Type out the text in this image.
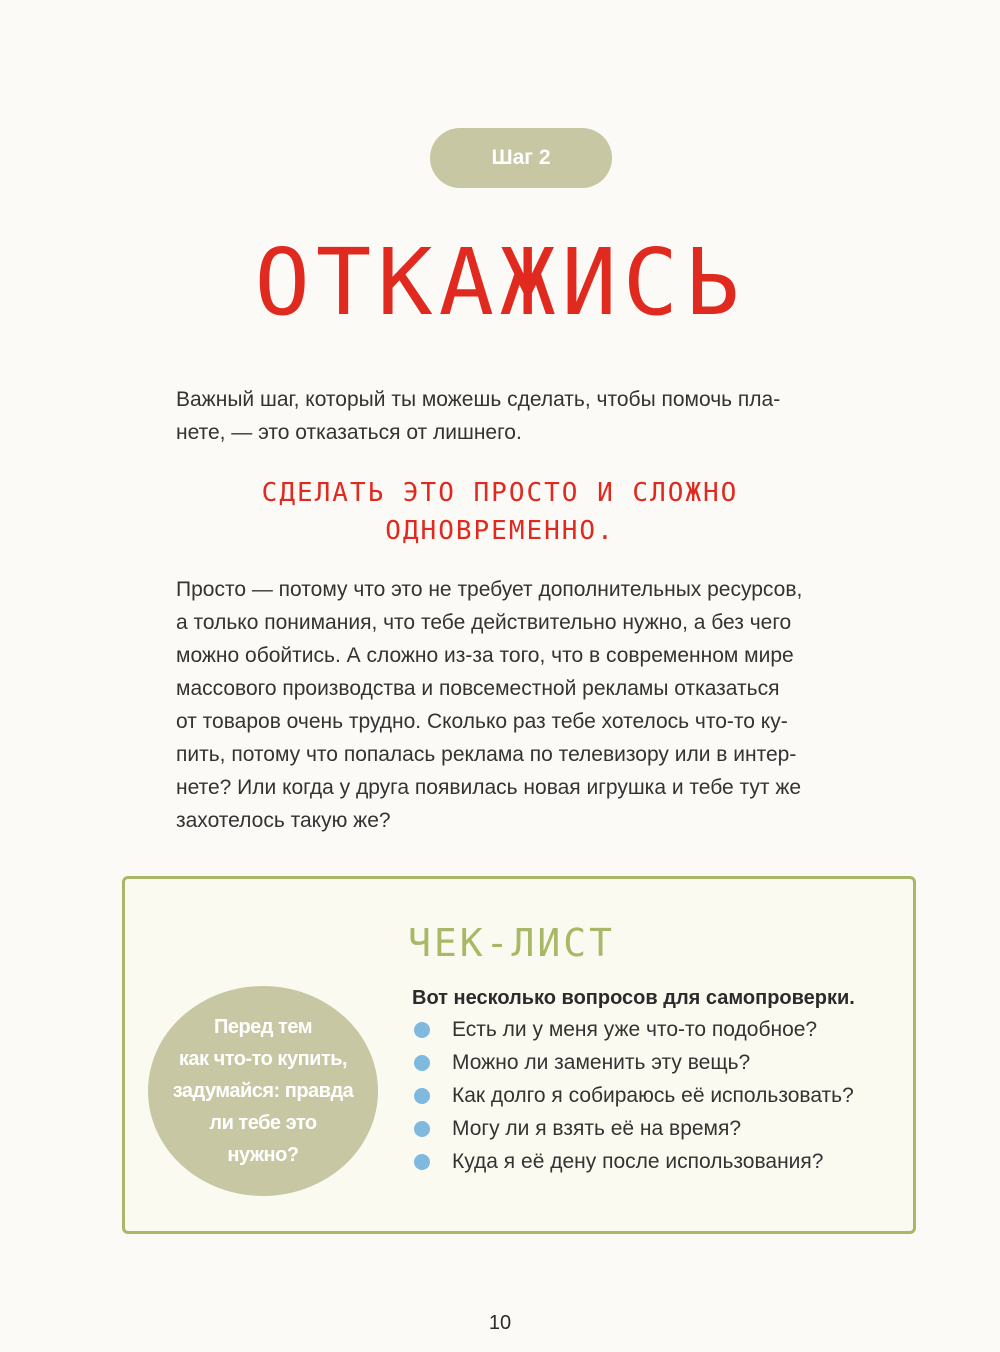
Шаг 2
ОТКАЖИСЬ

Важный шаг, который ты можешь сделать, чтобы помочь пла-

нете, — это отказаться от лишнего.

СДЕЛАТЬ ЭТО ПРОСТО И СЛОЖНО
ОДНОВРЕМЕННО.

Просто — потому что это не требует дополнительных ресурсов,

а только понимания, что тебе действительно нужно, а без чего

можно обойтись. А сложно из-за того, что в современном мире

массового производства и повсеместной рекламы отказаться

от товаров очень трудно. Сколько раз тебе хотелось что-то ку-

пить, потому что попалась реклама по телевизору или в интер-

нете? Или когда у друга появилась новая игрушка и тебе тут же

захотелось такую же?

Перед тем
как что-то купить,
задумайся: правда
ли тебе это
нужно?
ЧЕК-ЛИСТ
Вот несколько вопросов для самопроверки.
Есть ли у меня уже что-то подобное?
Можно ли заменить эту вещь?
Как долго я собираюсь её использовать?
Могу ли я взять её на время?
Куда я её дену после использования?
10
